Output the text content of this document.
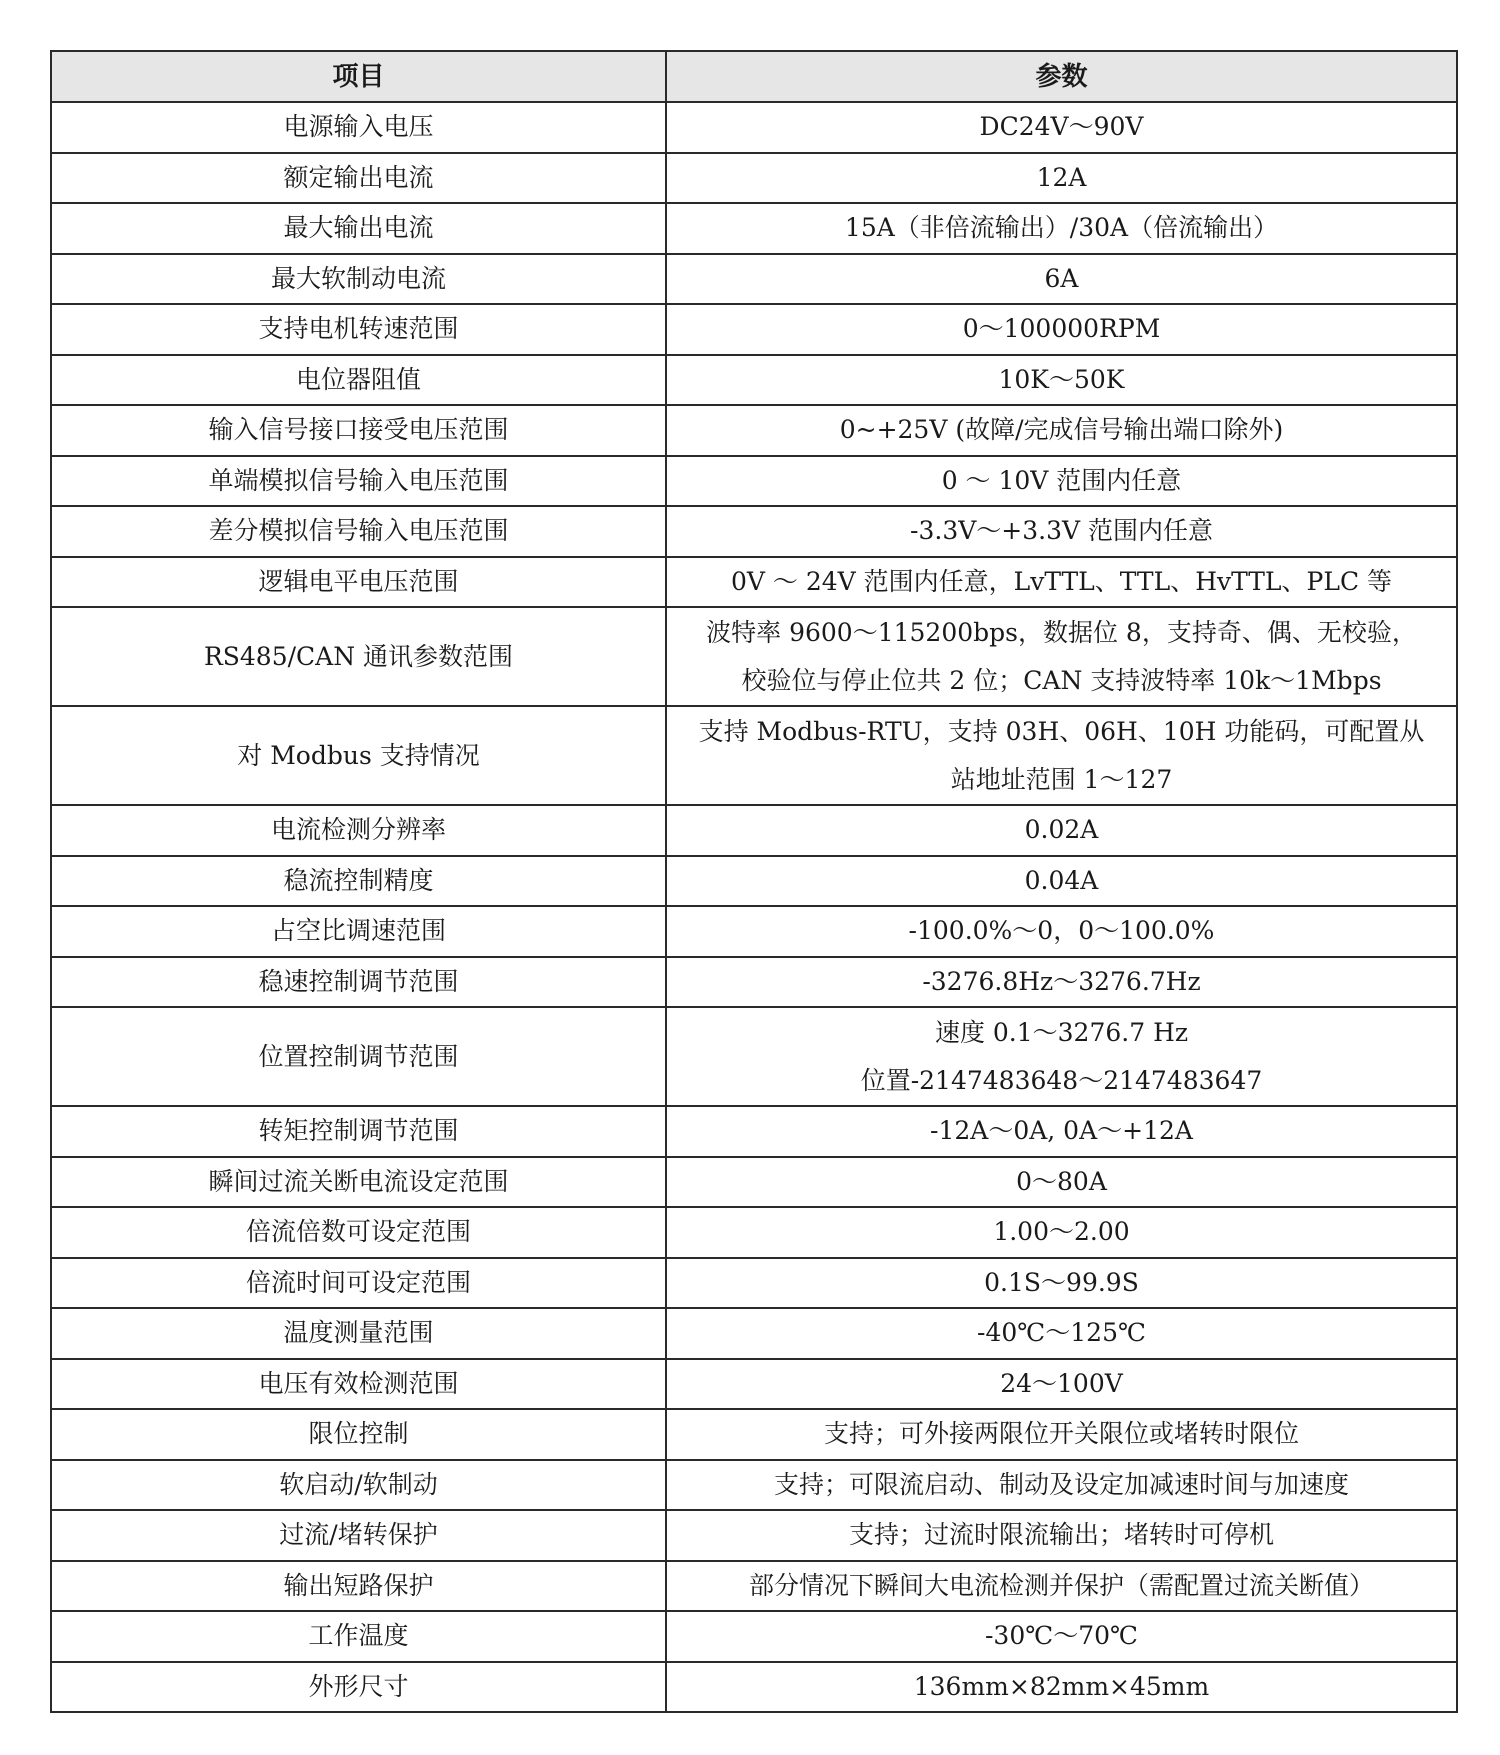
项目	参数
电源输入电压	DC24V～90V

额定输出电流	12A

最大输出电流	15A（非倍流输出）/30A（倍流输出）

最大软制动电流	6A

支持电机转速范围	0～100000RPM

电位器阻值	10K～50K

输入信号接口接受电压范围	0~+25V (故障/完成信号输出端口除外)

单端模拟信号输入电压范围	0 ～ 10V 范围内任意

差分模拟信号输入电压范围	-3.3V～+3.3V 范围内任意

逻辑电平电压范围	0V ～ 24V 范围内任意，LvTTL、TTL、HvTTL、PLC 等

RS485/CAN 通讯参数范围	波特率 9600～115200bps，数据位 8，支持奇、偶、无校验，
校验位与停止位共 2 位；CAN 支持波特率 10k～1Mbps

对 Modbus 支持情况	支持 Modbus-RTU，支持 03H、06H、10H 功能码，可配置从
站地址范围 1～127

电流检测分辨率	0.02A

稳流控制精度	0.04A

占空比调速范围	-100.0%～0，0～100.0%

稳速控制调节范围	-3276.8Hz～3276.7Hz

位置控制调节范围	速度 0.1～3276.7 Hz
位置-2147483648～2147483647

转矩控制调节范围	-12A～0A, 0A～+12A

瞬间过流关断电流设定范围	0～80A

倍流倍数可设定范围	1.00～2.00

倍流时间可设定范围	0.1S～99.9S

温度测量范围	-40℃～125℃

电压有效检测范围	24～100V

限位控制	支持；可外接两限位开关限位或堵转时限位

软启动/软制动	支持；可限流启动、制动及设定加减速时间与加速度

过流/堵转保护	支持；过流时限流输出；堵转时可停机

输出短路保护	部分情况下瞬间大电流检测并保护（需配置过流关断值）

工作温度	-30℃～70℃

外形尺寸	136mm×82mm×45mm
